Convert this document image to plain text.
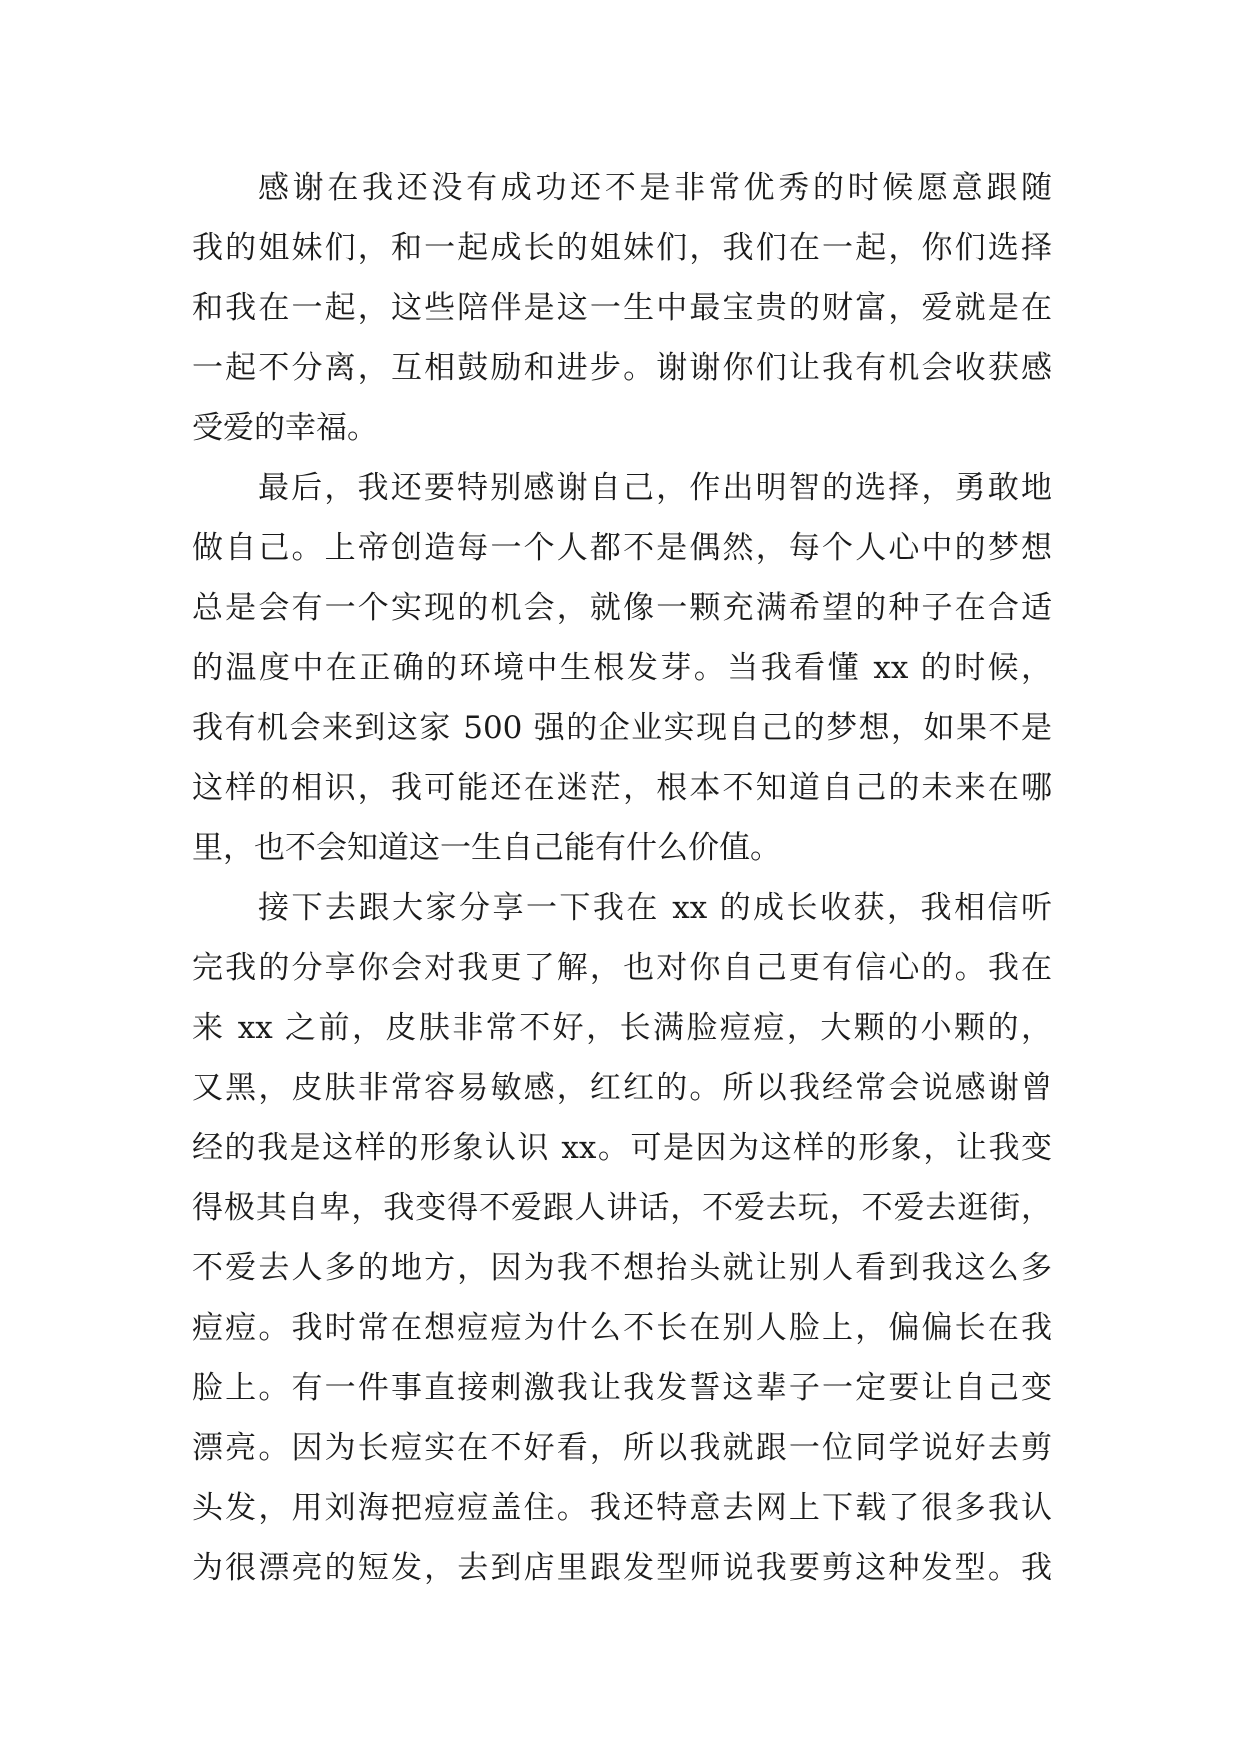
感谢在我还没有成功还不是非常优秀的时候愿意跟随
我的姐妹们，和一起成长的姐妹们，我们在一起，你们选择
和我在一起，这些陪伴是这一生中最宝贵的财富，爱就是在
一起不分离，互相鼓励和进步。谢谢你们让我有机会收获感
受爱的幸福。
最后，我还要特别感谢自己，作出明智的选择，勇敢地
做自己。上帝创造每一个人都不是偶然，每个人心中的梦想
总是会有一个实现的机会，就像一颗充满希望的种子在合适
的温度中在正确的环境中生根发芽。当我看懂 xx 的时候，
我有机会来到这家 500 强的企业实现自己的梦想，如果不是
这样的相识，我可能还在迷茫，根本不知道自己的未来在哪
里，也不会知道这一生自己能有什么价值。
接下去跟大家分享一下我在 xx 的成长收获，我相信听
完我的分享你会对我更了解，也对你自己更有信心的。我在
来 xx 之前，皮肤非常不好，长满脸痘痘，大颗的小颗的，
又黑，皮肤非常容易敏感，红红的。所以我经常会说感谢曾
经的我是这样的形象认识 xx。可是因为这样的形象，让我变
得极其自卑，我变得不爱跟人讲话，不爱去玩，不爱去逛街，
不爱去人多的地方，因为我不想抬头就让别人看到我这么多
痘痘。我时常在想痘痘为什么不长在别人脸上，偏偏长在我
脸上。有一件事直接刺激我让我发誓这辈子一定要让自己变
漂亮。因为长痘实在不好看，所以我就跟一位同学说好去剪
头发，用刘海把痘痘盖住。我还特意去网上下载了很多我认
为很漂亮的短发，去到店里跟发型师说我要剪这种发型。我
